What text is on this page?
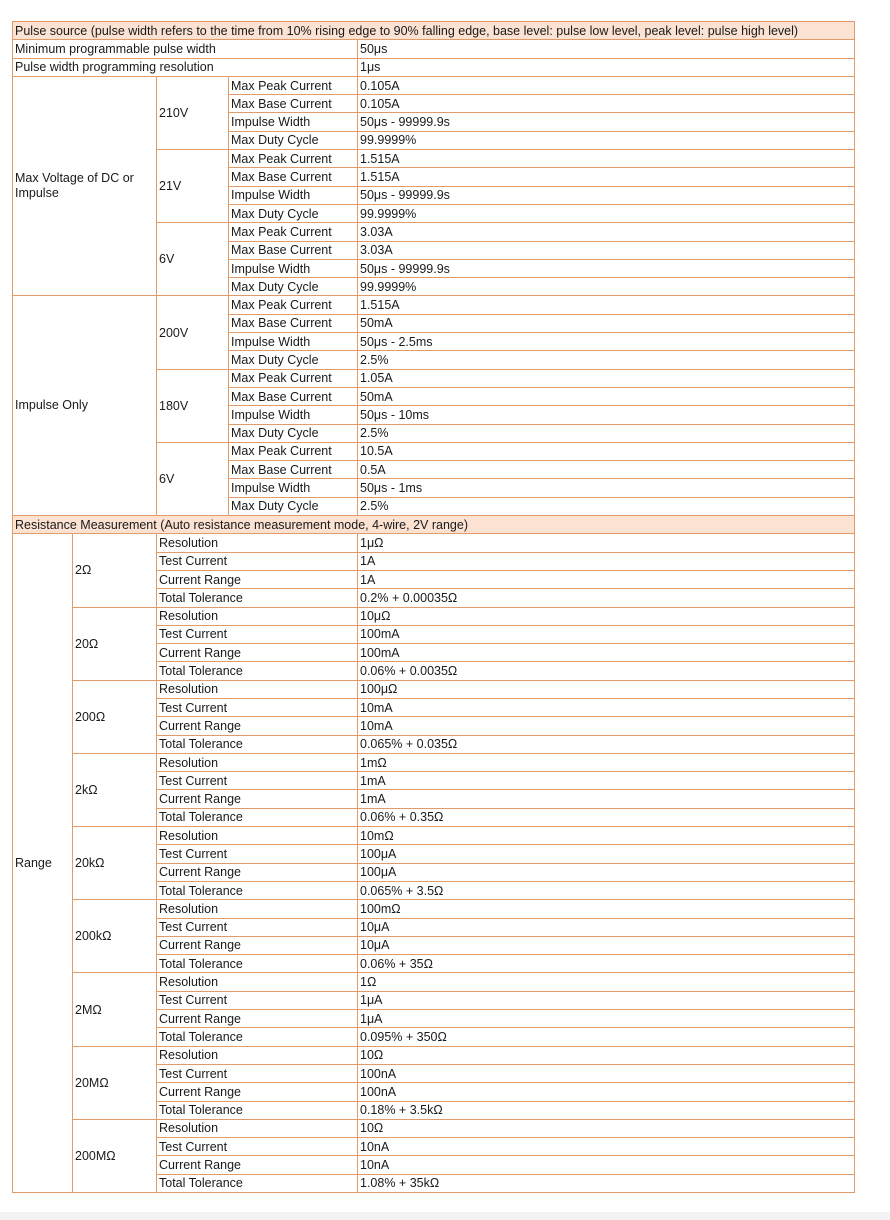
Pulse source (pulse width refers to the time from 10% rising edge to 90% falling edge, base level: pulse low level, peak level: pulse high level)				
Minimum programmable pulse width				50μs
Pulse width programming resolution				1μs
Max Voltage of DC or Impulse		210V	Max Peak Current	0.105A
			Max Base Current	0.105A
			Impulse Width	50μs - 99999.9s
			Max Duty Cycle	99.9999%
		21V	Max Peak Current	1.515A
			Max Base Current	1.515A
			Impulse Width	50μs - 99999.9s
			Max Duty Cycle	99.9999%
		6V	Max Peak Current	3.03A
			Max Base Current	3.03A
			Impulse Width	50μs - 99999.9s
			Max Duty Cycle	99.9999%
Impulse Only		200V	Max Peak Current	1.515A
			Max Base Current	50mA
			Impulse Width	50μs - 2.5ms
			Max Duty Cycle	2.5%
		180V	Max Peak Current	1.05A
			Max Base Current	50mA
			Impulse Width	50μs - 10ms
			Max Duty Cycle	2.5%
		6V	Max Peak Current	10.5A
			Max Base Current	0.5A
			Impulse Width	50μs - 1ms
			Max Duty Cycle	2.5%
Resistance Measurement (Auto resistance measurement mode, 4-wire, 2V range)				
Range	2Ω	Resolution		1μΩ
		Test Current		1A
		Current Range		1A
		Total Tolerance		0.2% + 0.00035Ω
	20Ω	Resolution		10μΩ
		Test Current		100mA
		Current Range		100mA
		Total Tolerance		0.06% + 0.0035Ω
	200Ω	Resolution		100μΩ
		Test Current		10mA
		Current Range		10mA
		Total Tolerance		0.065% + 0.035Ω
	2kΩ	Resolution		1mΩ
		Test Current		1mA
		Current Range		1mA
		Total Tolerance		0.06% + 0.35Ω
	20kΩ	Resolution		10mΩ
		Test Current		100μA
		Current Range		100μA
		Total Tolerance		0.065% + 3.5Ω
	200kΩ	Resolution		100mΩ
		Test Current		10μA
		Current Range		10μA
		Total Tolerance		0.06% + 35Ω
	2MΩ	Resolution		1Ω
		Test Current		1μA
		Current Range		1μA
		Total Tolerance		0.095% + 350Ω
	20MΩ	Resolution		10Ω
		Test Current		100nA
		Current Range		100nA
		Total Tolerance		0.18% + 3.5kΩ
	200MΩ	Resolution		10Ω
		Test Current		10nA
		Current Range		10nA
		Total Tolerance		1.08% + 35kΩ
